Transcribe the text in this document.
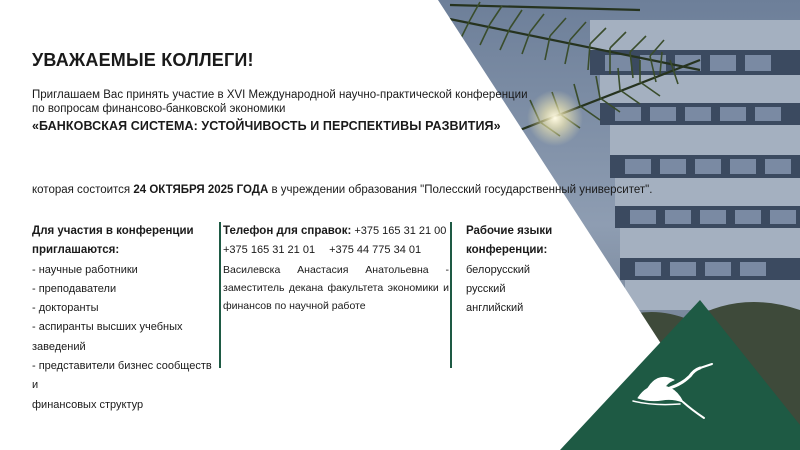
УВАЖАЕМЫЕ КОЛЛЕГИ!

Приглашаем Вас принять участие в XVI Международной научно-практической конференции

по вопросам финансово-банковской экономики

«БАНКОВСКАЯ СИСТЕМА: УСТОЙЧИВОСТЬ И ПЕРСПЕКТИВЫ РАЗВИТИЯ»

которая состоится 24 ОКТЯБРЯ 2025 ГОДА в учреждении образования "Полесский государственный университет".

Для участия в конференции
приглашаются:
- научные работники
- преподаватели
- докторанты
- аспиранты высших учебных заведений
- представители бизнес сообществ и
финансовых структур
Телефон для справок: +375 165 31 21 00
+375 165 31 21 01 +375 44 775 34 01
Василевска Анастасия Анатольевна - заместитель декана факультета экономики и финансов по научной работе
Рабочие языки конференции:
белорусский
русский
английский
